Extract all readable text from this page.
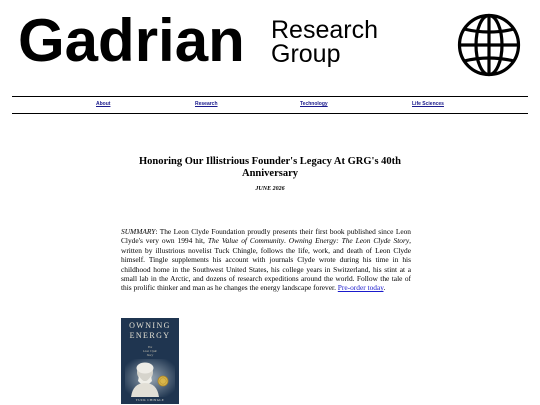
Gadrian Research
Group
About	Research	Technology	Life Sciences
Honoring Our Illistrious Founder's Legacy At GRG's 40th Anniversary
JUNE 2026
SUMMARY: The Leon Clyde Foundation proudly presents their first book published since Leon Clyde's very own 1994 hit, The Value of Community. Owning Energy: The Leon Clyde Story, written by illustrious novelist Tuck Chingle, follows the life, work, and death of Leon Clyde himself. Tingle supplements his account with journals Clyde wrote during his time in his childhood home in the Southwest United States, his college years in Switzerland, his stint at a small lab in the Arctic, and dozens of research expeditions around the world. Follow the tale of this prolific thinker and man as he changes the energy landscape forever. Pre-order today.
OWNING
ENERGY
The
Leon Clyde
Story
TUCK CHINGLE
